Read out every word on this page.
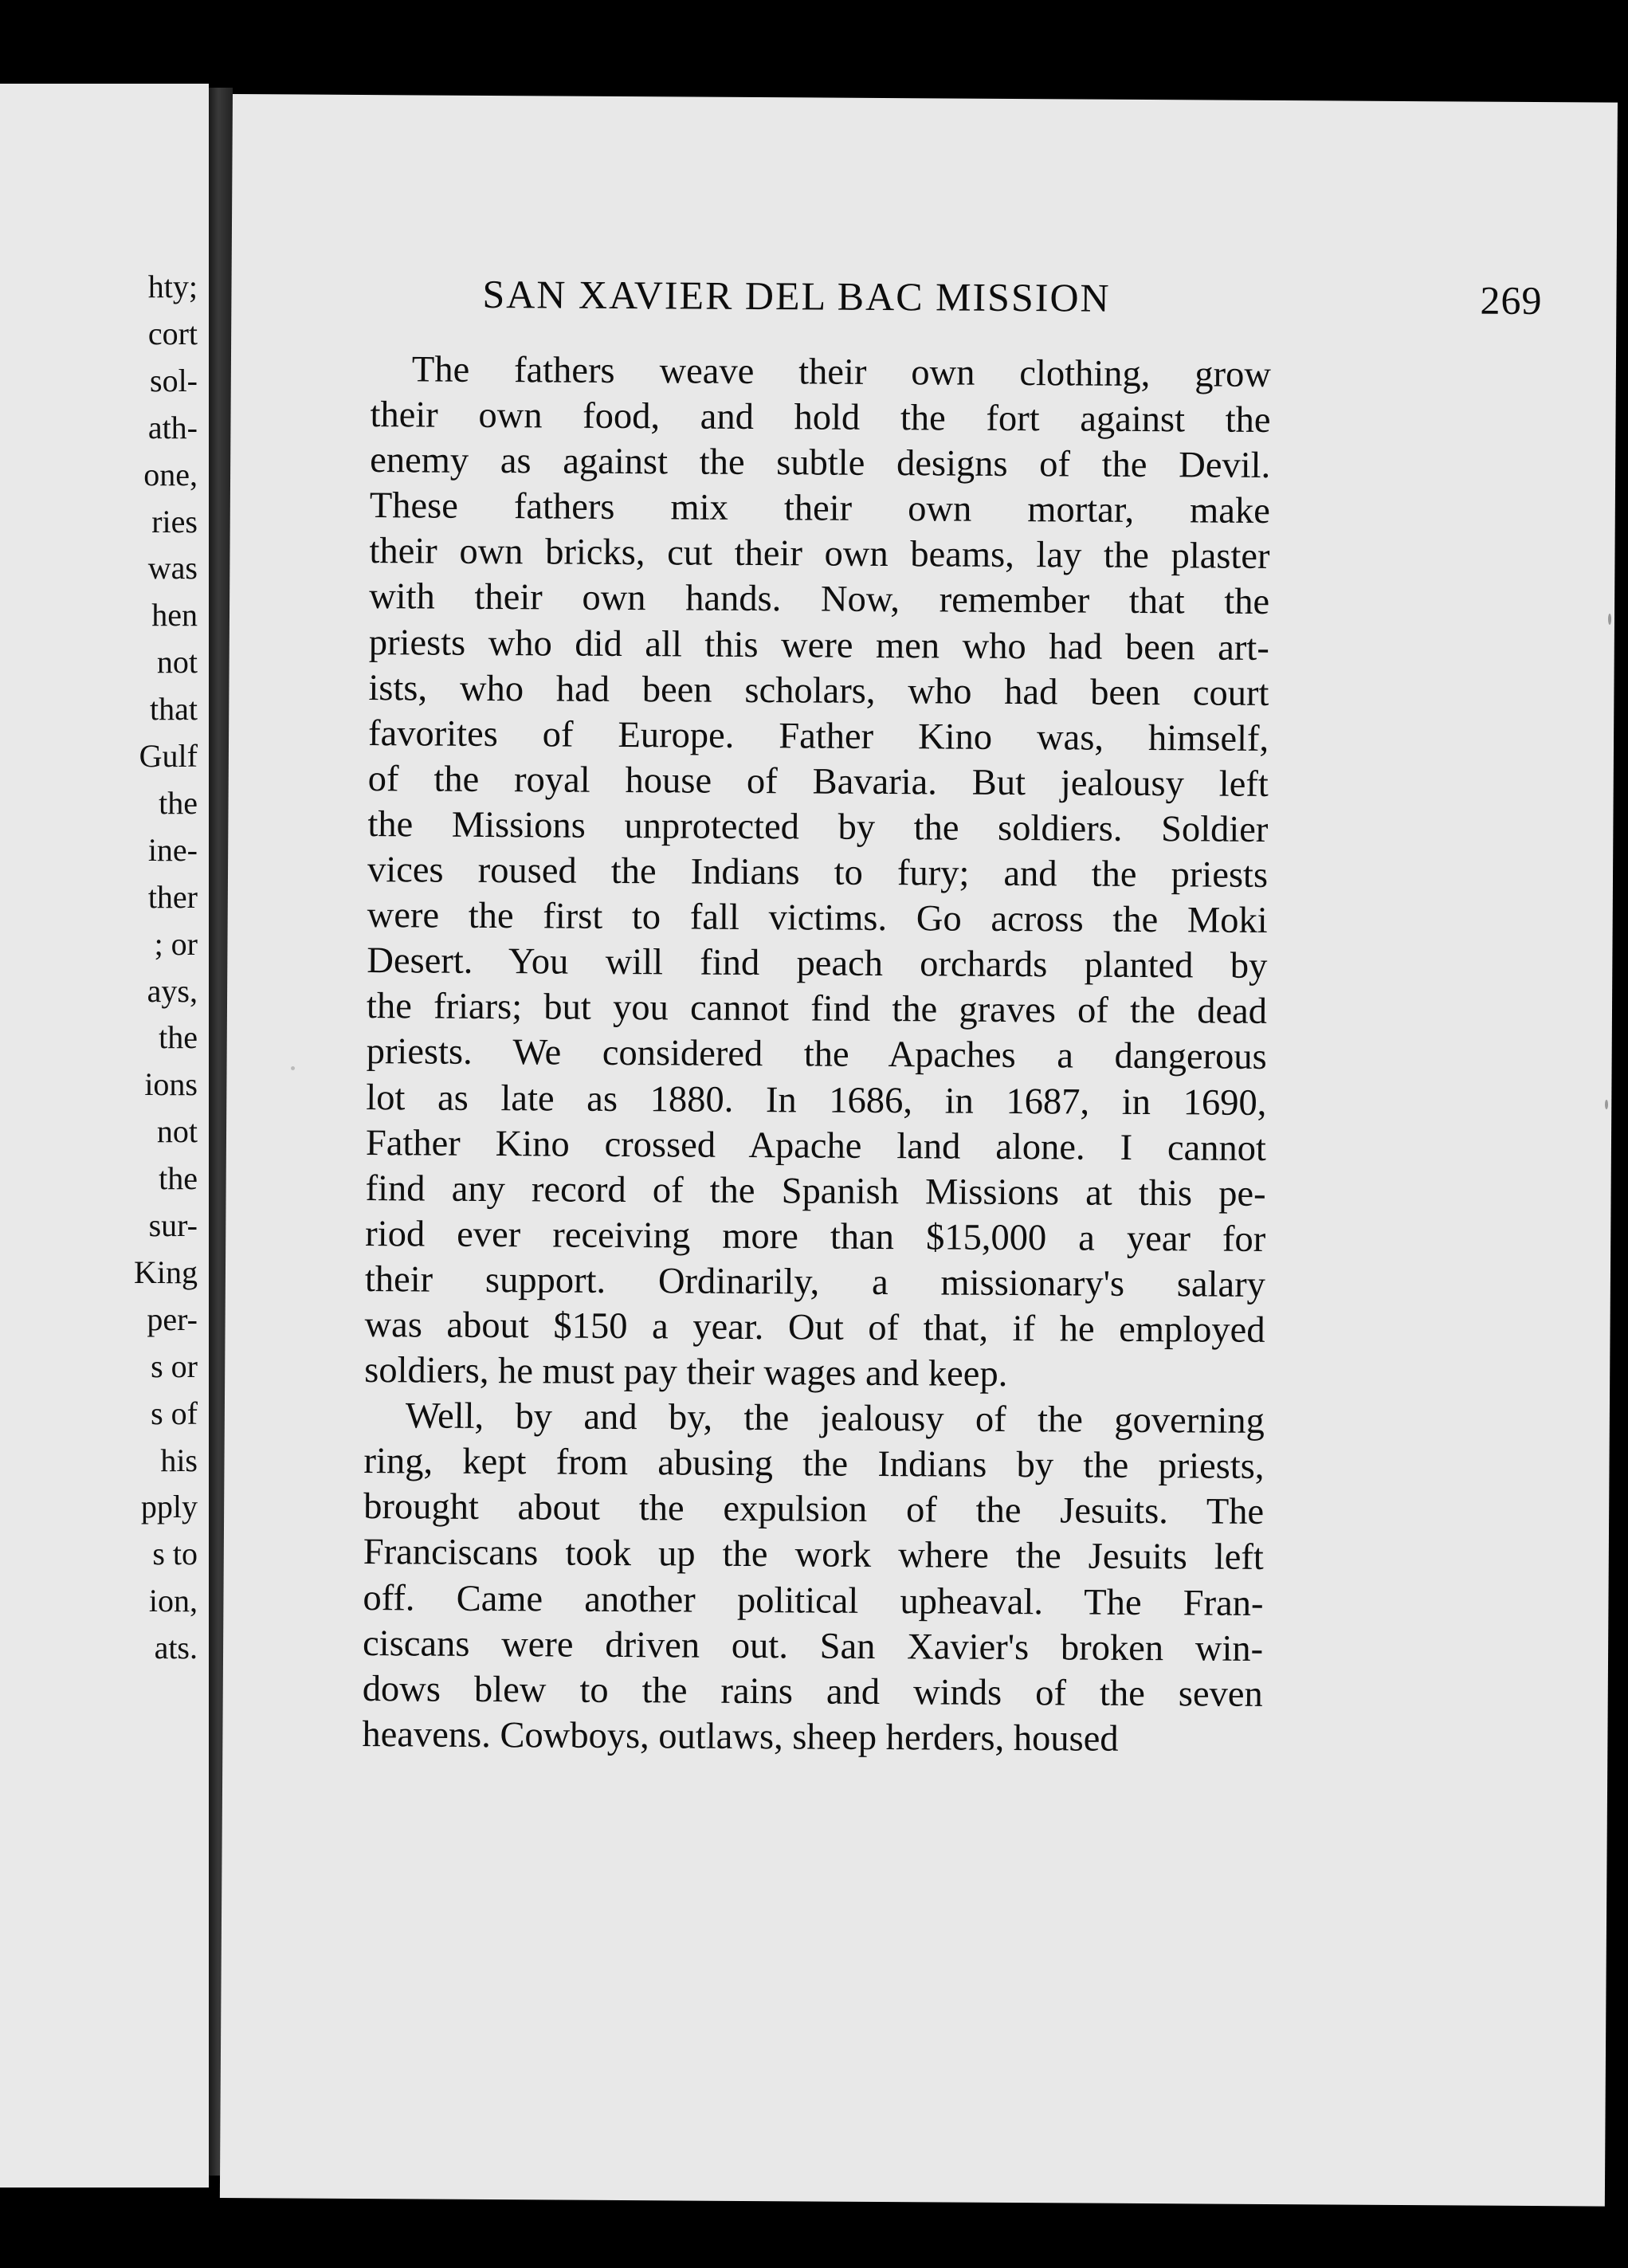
hty;
cort
sol-
ath-
one,
ries
was
hen
not
that
Gulf
the
ine-
ther
; or
ays,
the
ions
not
the
sur-
King
per-
s or
s of
his
pply
s to
ion,
ats.
SAN XAVIER DEL BAC MISSION	269
The fathers weave their own clothing, grow
their own food, and hold the fort against the
enemy as against the subtle designs of the Devil.
These fathers mix their own mortar, make
their own bricks, cut their own beams, lay the plaster
with their own hands. Now, remember that the
priests who did all this were men who had been art-
ists, who had been scholars, who had been court
favorites of Europe. Father Kino was, himself,
of the royal house of Bavaria. But jealousy left
the Missions unprotected by the soldiers. Soldier
vices roused the Indians to fury; and the priests
were the first to fall victims. Go across the Moki
Desert. You will find peach orchards planted by
the friars; but you cannot find the graves of the dead
priests. We considered the Apaches a dangerous
lot as late as 1880. In 1686, in 1687, in 1690,
Father Kino crossed Apache land alone. I cannot
find any record of the Spanish Missions at this pe-
riod ever receiving more than $15,000 a year for
their support. Ordinarily, a missionary's salary
was about $150 a year. Out of that, if he employed
soldiers, he must pay their wages and keep.
Well, by and by, the jealousy of the governing
ring, kept from abusing the Indians by the priests,
brought about the expulsion of the Jesuits. The
Franciscans took up the work where the Jesuits left
off. Came another political upheaval. The Fran-
ciscans were driven out. San Xavier's broken win-
dows blew to the rains and winds of the seven
heavens. Cowboys, outlaws, sheep herders, housed
